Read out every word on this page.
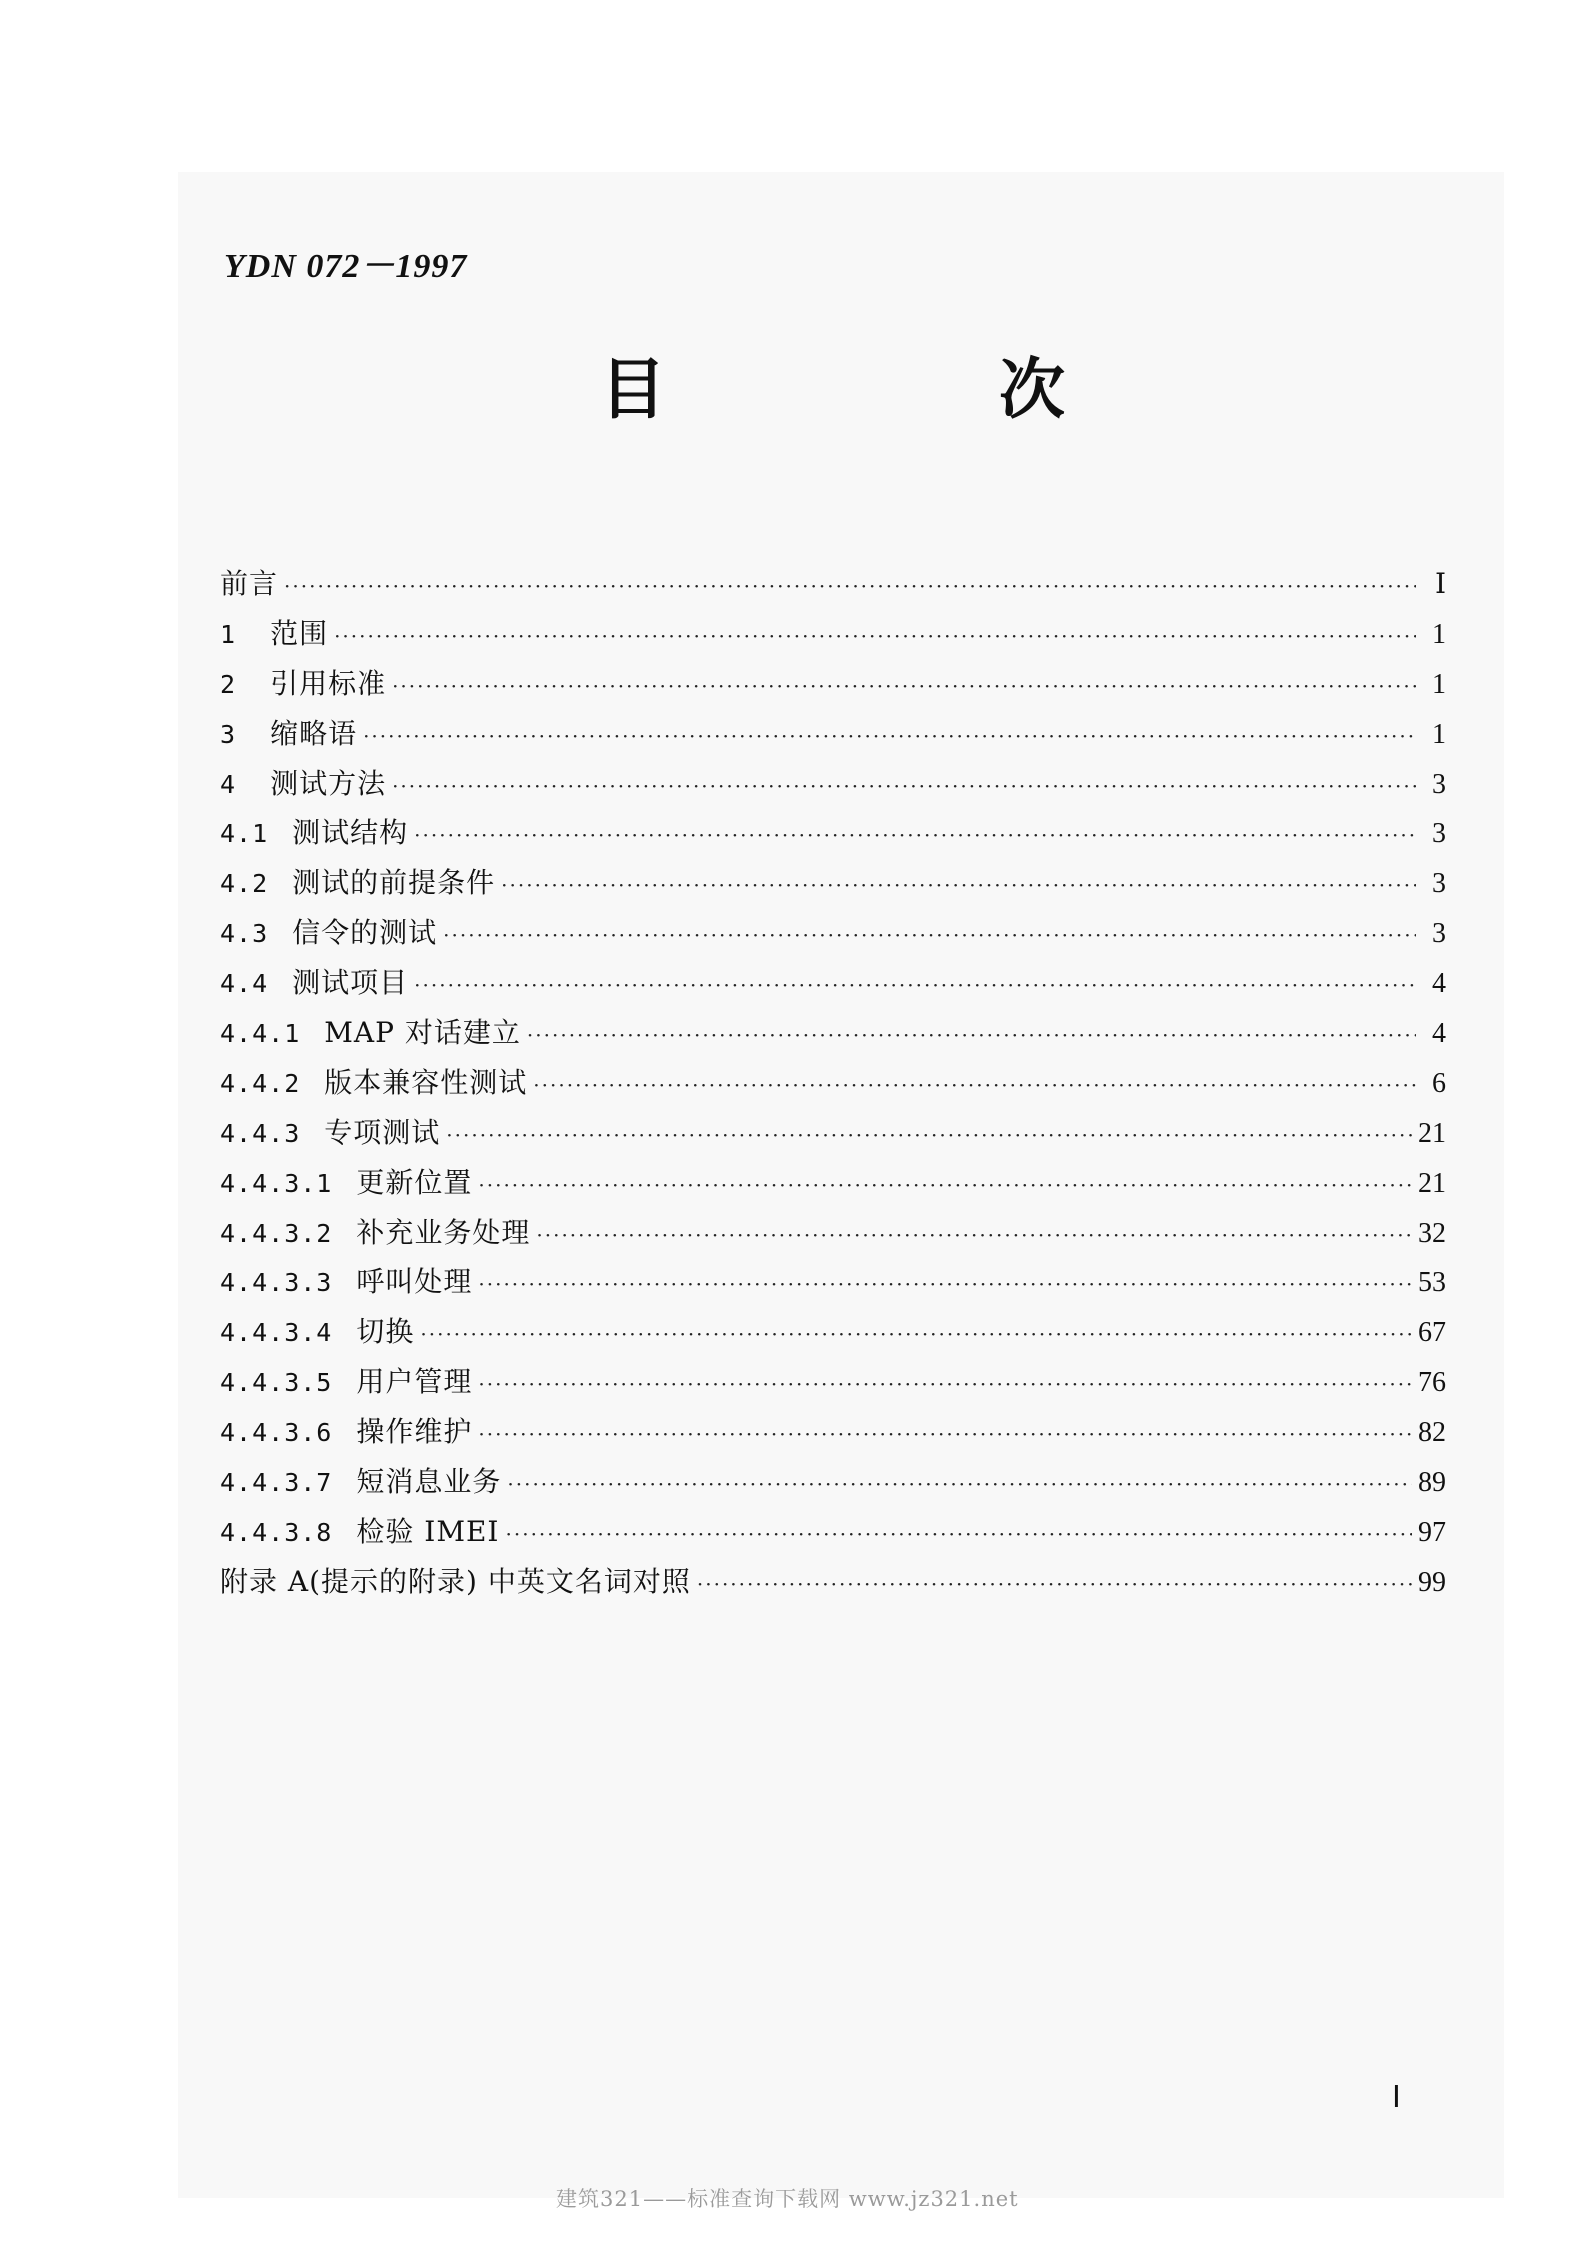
YDN 072－1997
目 次
前言 ·····	Ⅰ
1 范围 ·····	1
2 引用标准 ·····	1
3 缩略语 ·····	1
4 测试方法 ·····	3
4.1 测试结构 ·····	3
4.2 测试的前提条件 ·····	3
4.3 信令的测试 ·····	3
4.4 测试项目 ·····	4
4.4.1 MAP 对话建立 ·····	4
4.4.2 版本兼容性测试 ·····	6
4.4.3 专项测试 ·····	21
4.4.3.1 更新位置 ·····	21
4.4.3.2 补充业务处理 ·····	32
4.4.3.3 呼叫处理 ·····	53
4.4.3.4 切换 ·····	67
4.4.3.5 用户管理 ·····	76
4.4.3.6 操作维护 ·····	82
4.4.3.7 短消息业务 ·····	89
4.4.3.8 检验 IMEI ·····	97
附录 A(提示的附录) 中英文名词对照 ·····	99
Ⅰ
建筑321——标准查询下载网 www.jz321.net
